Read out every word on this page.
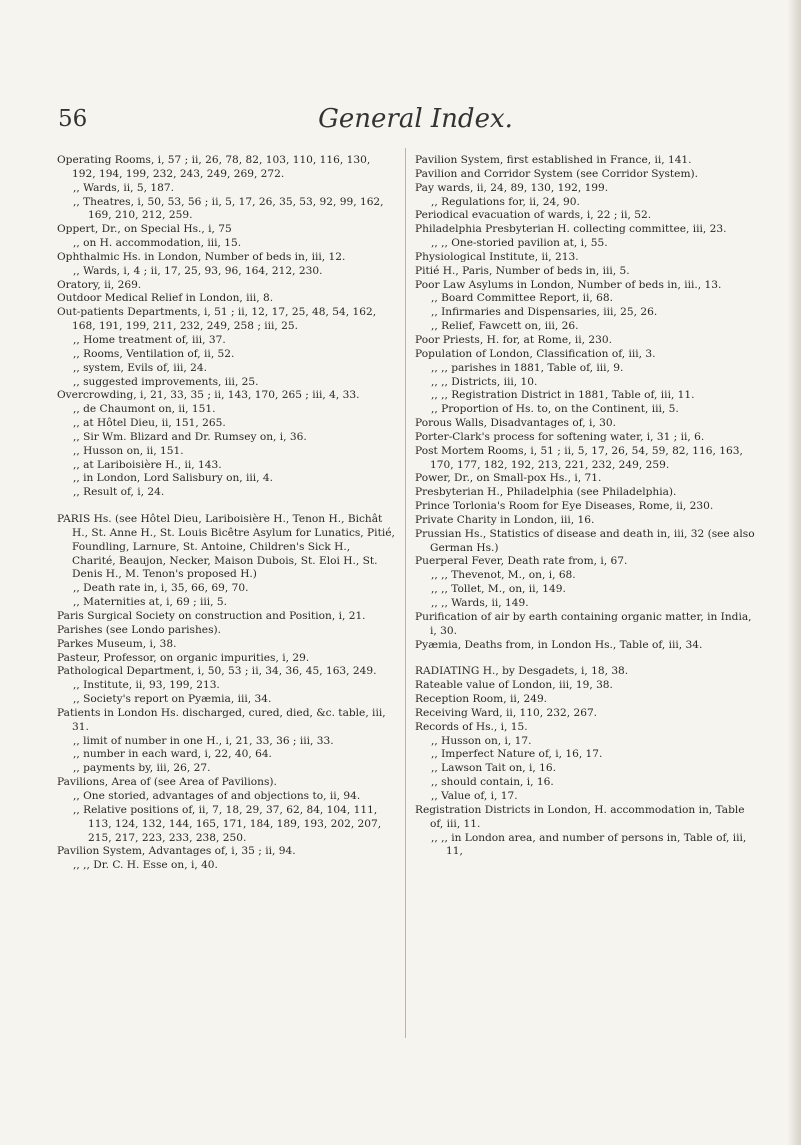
56	General Index.
Operating Rooms, i, 57 ; ii, 26, 78, 82, 103, 110, 116, 130, 192, 194, 199, 232, 243, 249, 269, 272.
,, Wards, ii, 5, 187.
,, Theatres, i, 50, 53, 56 ; ii, 5, 17, 26, 35, 53, 92, 99, 162, 169, 210, 212, 259.
Oppert, Dr., on Special Hs., i, 75
,, on H. accommodation, iii, 15.
Ophthalmic Hs. in London, Number of beds in, iii, 12.
,, Wards, i, 4 ; ii, 17, 25, 93, 96, 164, 212, 230.
Oratory, ii, 269.
Outdoor Medical Relief in London, iii, 8.
Out-patients Departments, i, 51 ; ii, 12, 17, 25, 48, 54, 162, 168, 191, 199, 211, 232, 249, 258 ; iii, 25.
,, Home treatment of, iii, 37.
,, Rooms, Ventilation of, ii, 52.
,, system, Evils of, iii, 24.
,, suggested improvements, iii, 25.
Overcrowding, i, 21, 33, 35 ; ii, 143, 170, 265 ; iii, 4, 33.
,, de Chaumont on, ii, 151.
,, at Hôtel Dieu, ii, 151, 265.
,, Sir Wm. Blizard and Dr. Rumsey on, i, 36.
,, Husson on, ii, 151.
,, at Lariboisière H., ii, 143.
,, in London, Lord Salisbury on, iii, 4.
,, Result of, i, 24.
PARIS Hs. (see Hôtel Dieu, Lariboisière H., Tenon H., Bichât H., St. Anne H., St. Louis Bicêtre Asylum for Lunatics, Pitié, Foundling, Larnure, St. Antoine, Children's Sick H., Charité, Beaujon, Necker, Maison Dubois, St. Eloi H., St. Denis H., M. Tenon's proposed H.)
,, Death rate in, i, 35, 66, 69, 70.
,, Maternities at, i, 69 ; iii, 5.
Paris Surgical Society on construction and Position, i, 21.
Parishes (see Londo parishes).
Parkes Museum, i, 38.
Pasteur, Professor, on organic impurities, i, 29.
Pathological Department, i, 50, 53 ; ii, 34, 36, 45, 163, 249.
,, Institute, ii, 93, 199, 213.
,, Society's report on Pyæmia, iii, 34.
Patients in London Hs. discharged, cured, died, &c. table, iii, 31.
,, limit of number in one H., i, 21, 33, 36 ; iii, 33.
,, number in each ward, i, 22, 40, 64.
,, payments by, iii, 26, 27.
Pavilions, Area of (see Area of Pavilions).
,, One storied, advantages of and objections to, ii, 94.
,, Relative positions of, ii, 7, 18, 29, 37, 62, 84, 104, 111, 113, 124, 132, 144, 165, 171, 184, 189, 193, 202, 207, 215, 217, 223, 233, 238, 250.
Pavilion System, Advantages of, i, 35 ; ii, 94.
,, ,, Dr. C. H. Esse on, i, 40.
Pavilion System, first established in France, ii, 141.
Pavilion and Corridor System (see Corridor System).
Pay wards, ii, 24, 89, 130, 192, 199.
,, Regulations for, ii, 24, 90.
Periodical evacuation of wards, i, 22 ; ii, 52.
Philadelphia Presbyterian H. collecting committee, iii, 23.
,, ,, One-storied pavilion at, i, 55.
Physiological Institute, ii, 213.
Pitié H., Paris, Number of beds in, iii, 5.
Poor Law Asylums in London, Number of beds in, iii., 13.
,, Board Committee Report, ii, 68.
,, Infirmaries and Dispensaries, iii, 25, 26.
,, Relief, Fawcett on, iii, 26.
Poor Priests, H. for, at Rome, ii, 230.
Population of London, Classification of, iii, 3.
,, ,, parishes in 1881, Table of, iii, 9.
,, ,, Districts, iii, 10.
,, ,, Registration District in 1881, Table of, iii, 11.
,, Proportion of Hs. to, on the Continent, iii, 5.
Porous Walls, Disadvantages of, i, 30.
Porter-Clark's process for softening water, i, 31 ; ii, 6.
Post Mortem Rooms, i, 51 ; ii, 5, 17, 26, 54, 59, 82, 116, 163, 170, 177, 182, 192, 213, 221, 232, 249, 259.
Power, Dr., on Small-pox Hs., i, 71.
Presbyterian H., Philadelphia (see Philadelphia).
Prince Torlonia's Room for Eye Diseases, Rome, ii, 230.
Private Charity in London, iii, 16.
Prussian Hs., Statistics of disease and death in, iii, 32 (see also German Hs.)
Puerperal Fever, Death rate from, i, 67.
,, ,, Thevenot, M., on, i, 68.
,, ,, Tollet, M., on, ii, 149.
,, ,, Wards, ii, 149.
Purification of air by earth containing organic matter, in India, i, 30.
Pyæmia, Deaths from, in London Hs., Table of, iii, 34.
RADIATING H., by Desgadets, i, 18, 38.
Rateable value of London, iii, 19, 38.
Reception Room, ii, 249.
Receiving Ward, ii, 110, 232, 267.
Records of Hs., i, 15.
,, Husson on, i, 17.
,, Imperfect Nature of, i, 16, 17.
,, Lawson Tait on, i, 16.
,, should contain, i, 16.
,, Value of, i, 17.
Registration Districts in London, H. accommodation in, Table of, iii, 11.
,, ,, in London area, and number of persons in, Table of, iii, 11,
